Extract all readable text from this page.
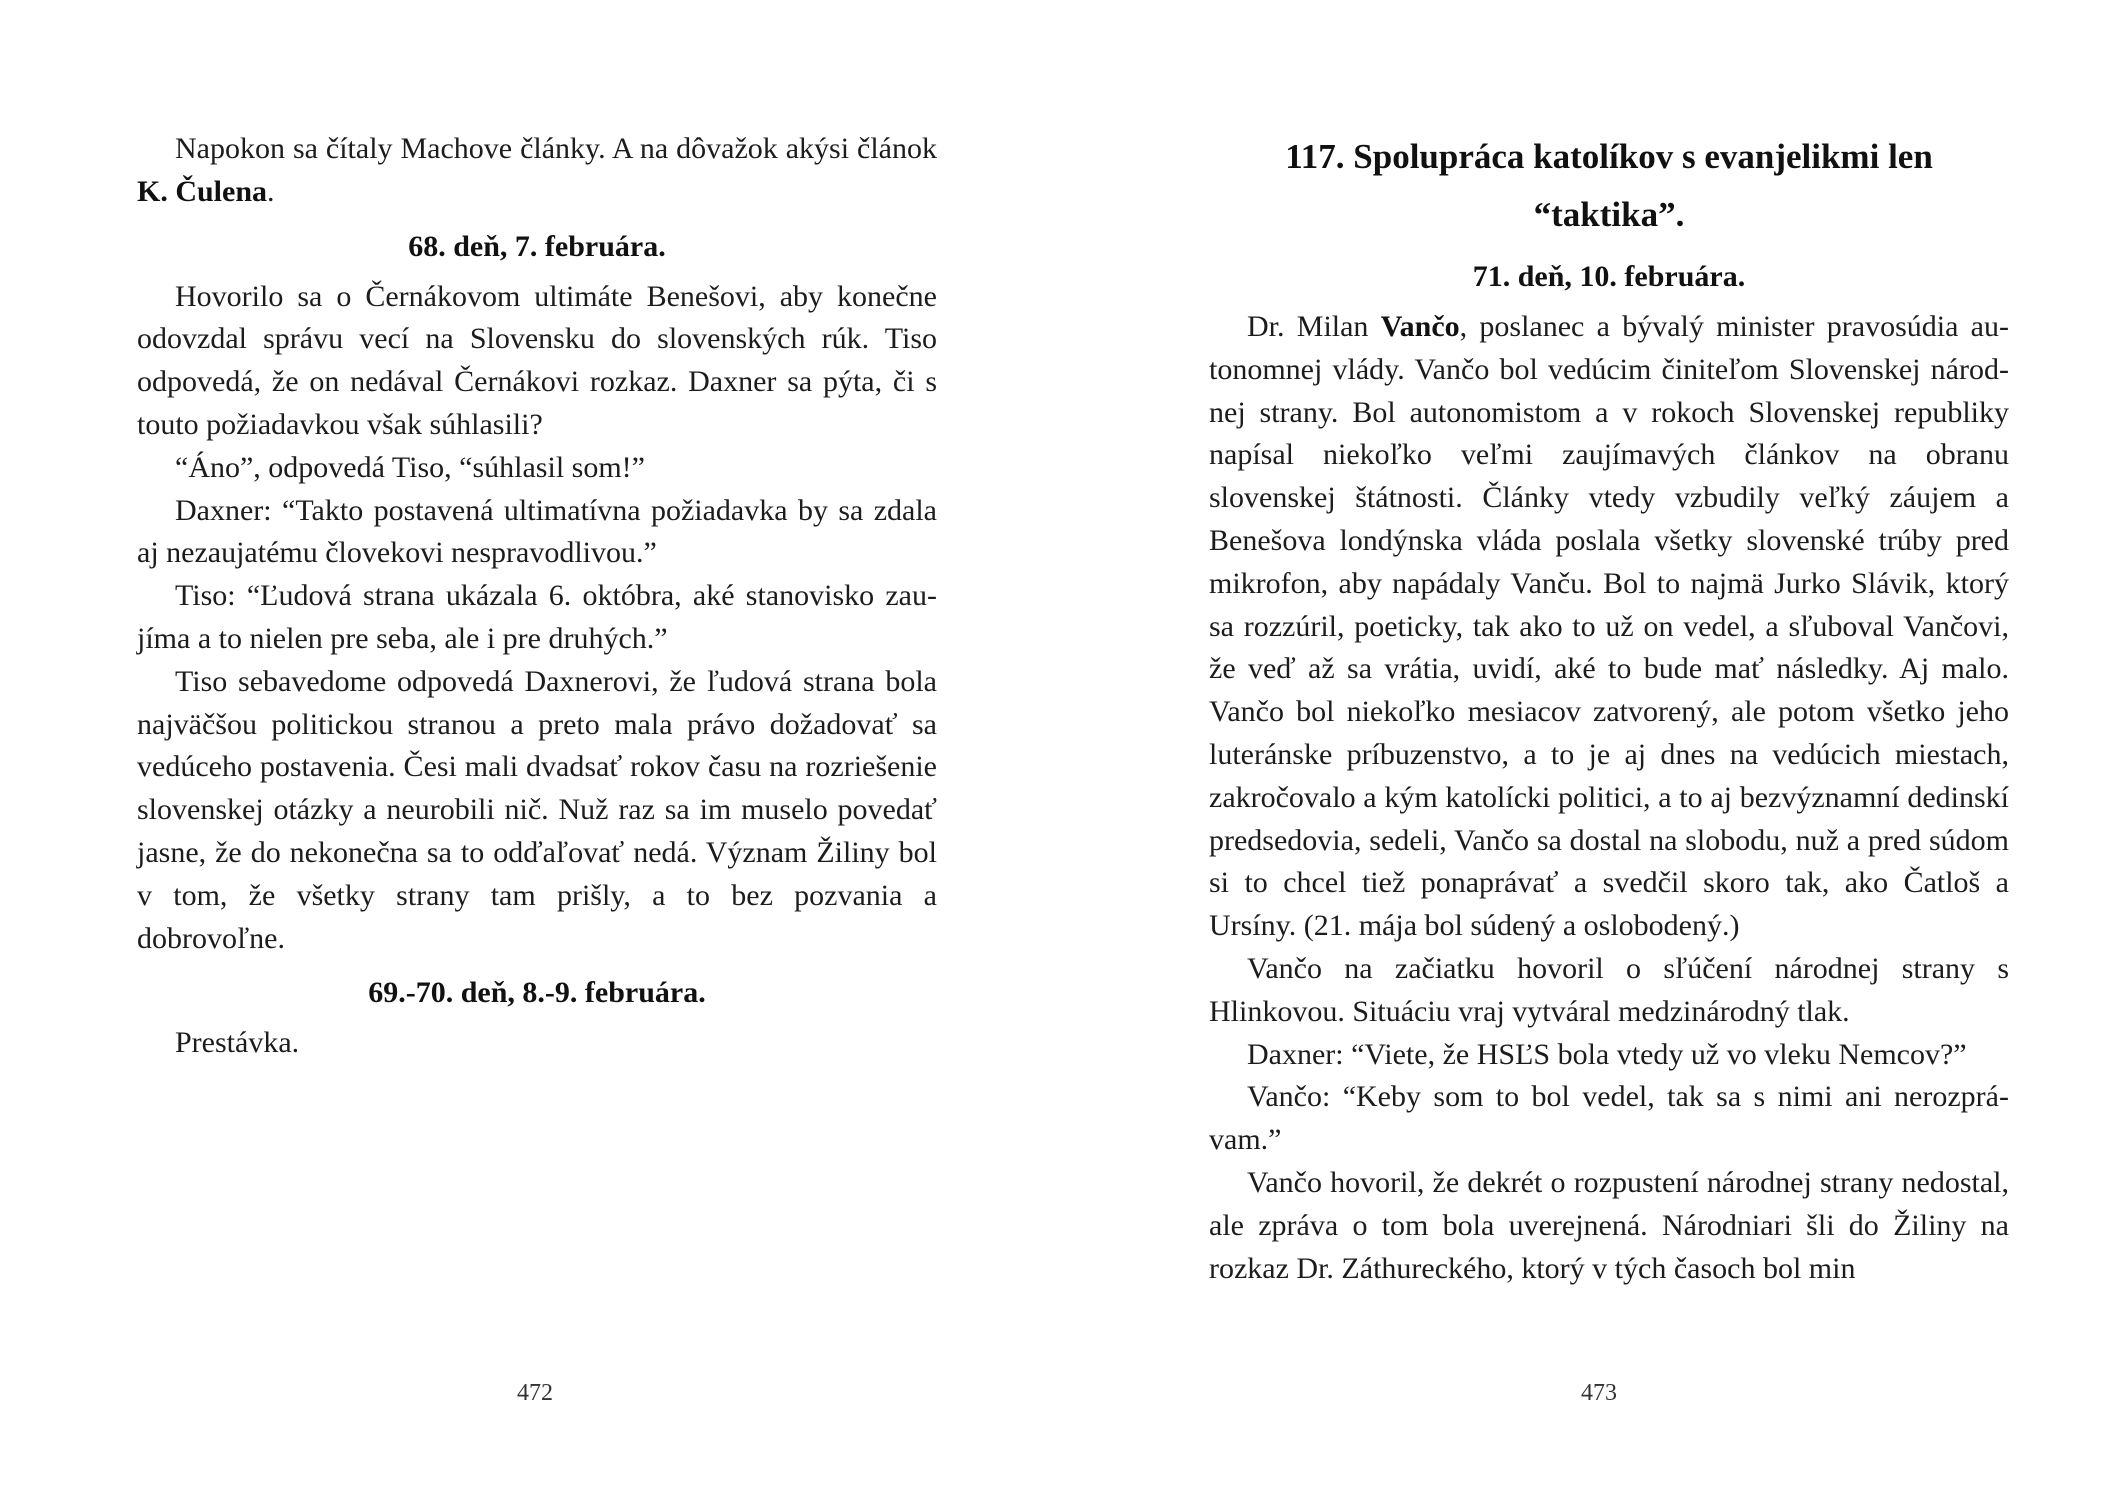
Napokon sa čítaly Machove články. A na dôvažok akýsi článok K. Čulena.

68. deň, 7. februára.

Hovorilo sa o Černákovom ultimáte Benešovi, aby konečne odovzdal správu vecí na Slovensku do slovenských rúk. Tiso odpovedá, že on nedával Černákovi rozkaz. Daxner sa pýta, či s touto požiadavkou však súhlasili?

“Áno”, odpovedá Tiso, “súhlasil som!”

Daxner: “Takto postavená ultimatívna požiadavka by sa zdala aj nezaujatému človekovi nespravodlivou.”

Tiso: “Ľudová strana ukázala 6. októbra, aké stanovisko zaujíma a to nielen pre seba, ale i pre druhých.”

Tiso sebavedome odpovedá Daxnerovi, že ľudová strana bola najväčšou politickou stranou a preto mala právo dožadovať sa vedúceho postavenia. Česi mali dvadsať rokov času na rozriešenie slovenskej otázky a neurobili nič. Nuž raz sa im muselo povedať jasne, že do nekonečna sa to odďaľovať nedá. Význam Žiliny bol v tom, že všetky strany tam prišly, a to bez pozvania a dobrovoľne.

69.-70. deň, 8.-9. februára.

Prestávka.

472
117. Spolupráca katolíkov s evanjelikmi len
“taktika”.
71. deň, 10. februára.

Dr. Milan Vančo, poslanec a bývalý minister pravosúdia autonomnej vlády. Vančo bol vedúcim činiteľom Slovenskej národnej strany. Bol autonomistom a v rokoch Slovenskej republiky napísal niekoľko veľmi zaujímavých článkov na obranu slovenskej štátnosti. Články vtedy vzbudily veľký záujem a Benešova londýnska vláda poslala všetky slovenské trúby pred mikrofon, aby napádaly Vanču. Bol to najmä Jurko Slávik, ktorý sa rozzúril, poeticky, tak ako to už on vedel, a sľuboval Vančovi, že veď až sa vrátia, uvidí, aké to bude mať následky. Aj malo. Vančo bol niekoľko mesiacov zatvorený, ale potom všetko jeho luteránske príbuzenstvo, a to je aj dnes na vedúcich miestach, zakročovalo a kým katolícki politici, a to aj bezvýznamní dedinskí predsedovia, sedeli, Vančo sa dostal na slobodu, nuž a pred súdom si to chcel tiež ponaprávať a svedčil skoro tak, ako Čatloš a Ursíny. (21. mája bol súdený a oslobodený.)

Vančo na začiatku hovoril o sľúčení národnej strany s Hlinkovou. Situáciu vraj vytváral medzinárodný tlak.

Daxner: “Viete, že HSĽS bola vtedy už vo vleku Nemcov?”

Vančo: “Keby som to bol vedel, tak sa s nimi ani nerozprávam.”

Vančo hovoril, že dekrét o rozpustení národnej strany nedostal, ale zpráva o tom bola uverejnená. Národniari šli do Žiliny na rozkaz Dr. Záthureckého, ktorý v tých časoch bol min

473
